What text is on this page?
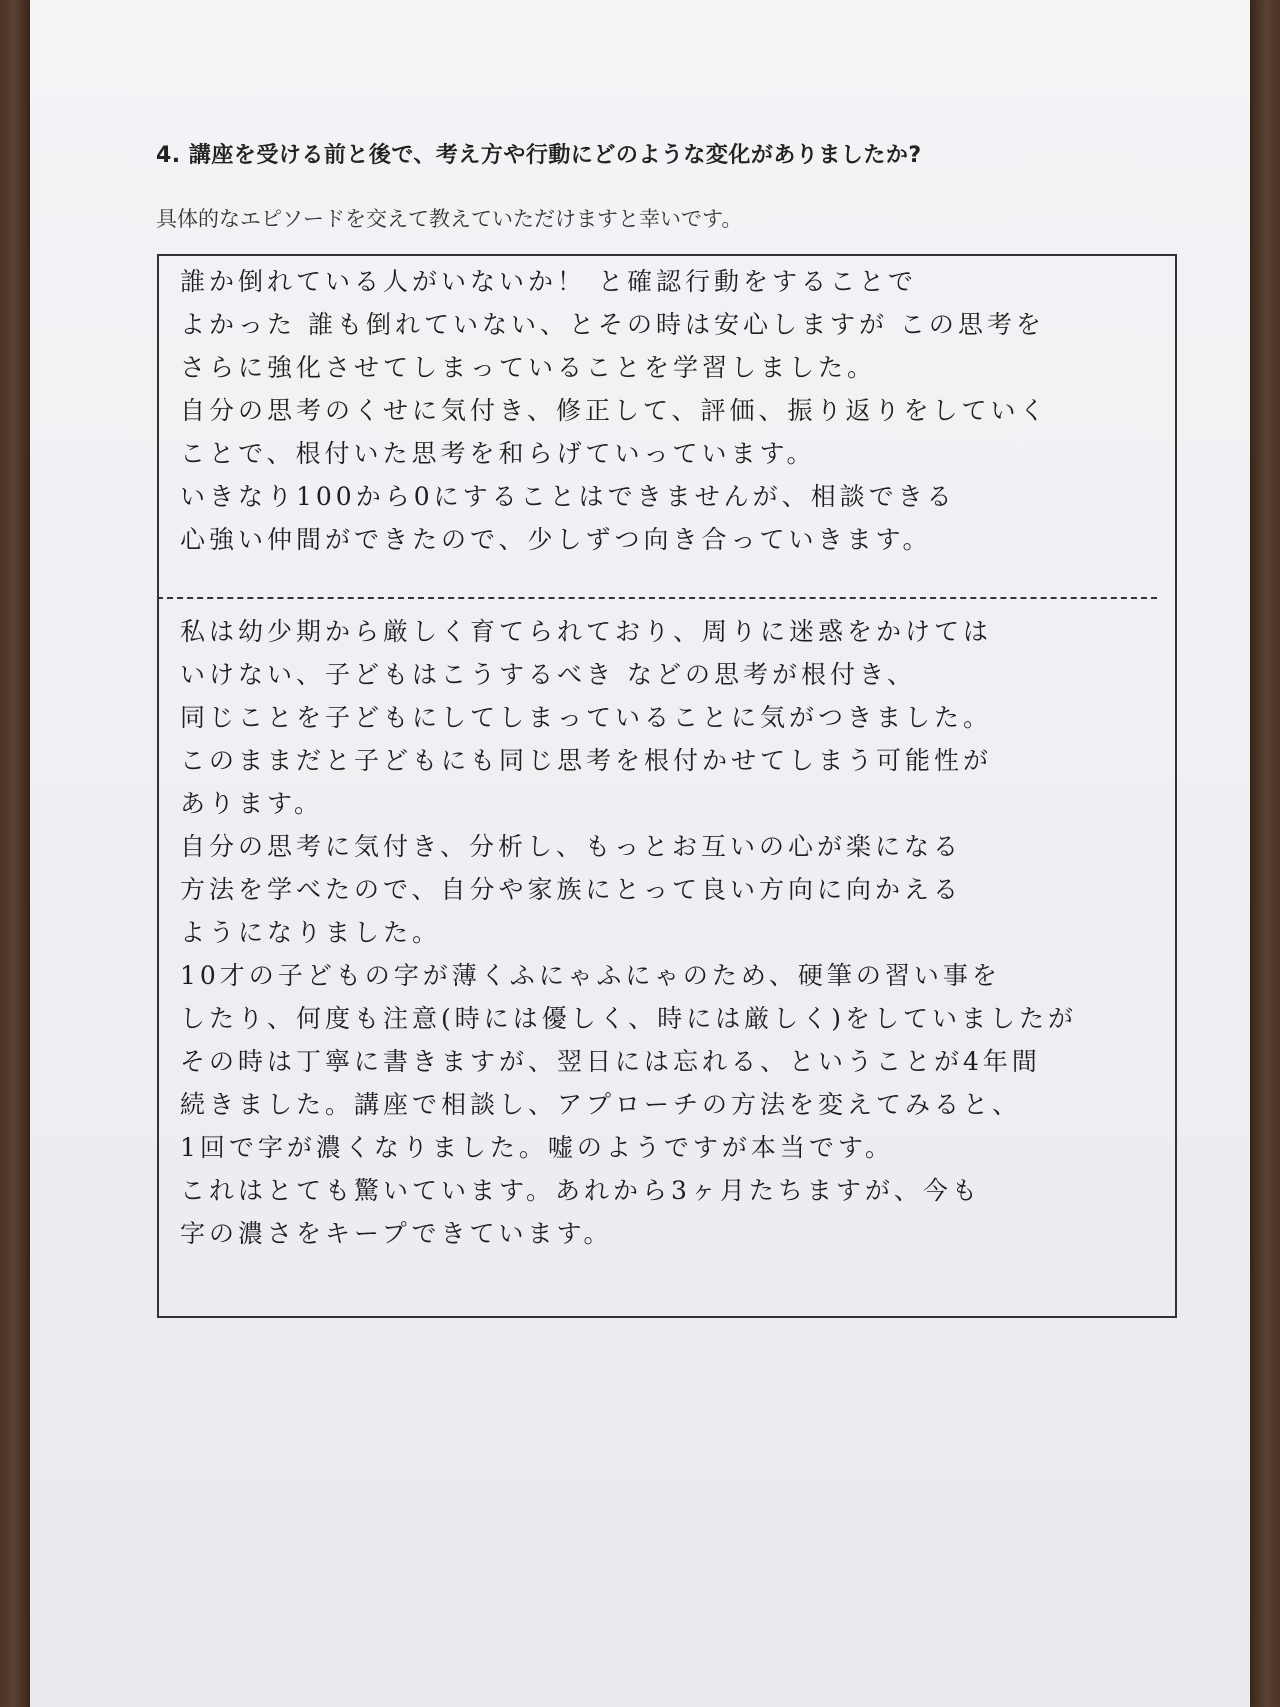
4. 講座を受ける前と後で、考え方や行動にどのような変化がありましたか?
具体的なエピソードを交えて教えていただけますと幸いです。
誰か倒れている人がいないか！ と確認行動をすることで
よかった 誰も倒れていない、とその時は安心しますが この思考を
さらに強化させてしまっていることを学習しました。
自分の思考のくせに気付き、修正して、評価、振り返りをしていく
ことで、根付いた思考を和らげていっています。
いきなり100から0にすることはできませんが、相談できる
心強い仲間ができたので、少しずつ向き合っていきます。
私は幼少期から厳しく育てられており、周りに迷惑をかけては
いけない、子どもはこうするべき などの思考が根付き、
同じことを子どもにしてしまっていることに気がつきました。
このままだと子どもにも同じ思考を根付かせてしまう可能性が
あります。
自分の思考に気付き、分析し、もっとお互いの心が楽になる
方法を学べたので、自分や家族にとって良い方向に向かえる
ようになりました。
10才の子どもの字が薄くふにゃふにゃのため、硬筆の習い事を
したり、何度も注意(時には優しく、時には厳しく)をしていましたが
その時は丁寧に書きますが、翌日には忘れる、ということが4年間
続きました。講座で相談し、アプローチの方法を変えてみると、
1回で字が濃くなりました。嘘のようですが本当です。
これはとても驚いています。あれから3ヶ月たちますが、今も
字の濃さをキープできています。
